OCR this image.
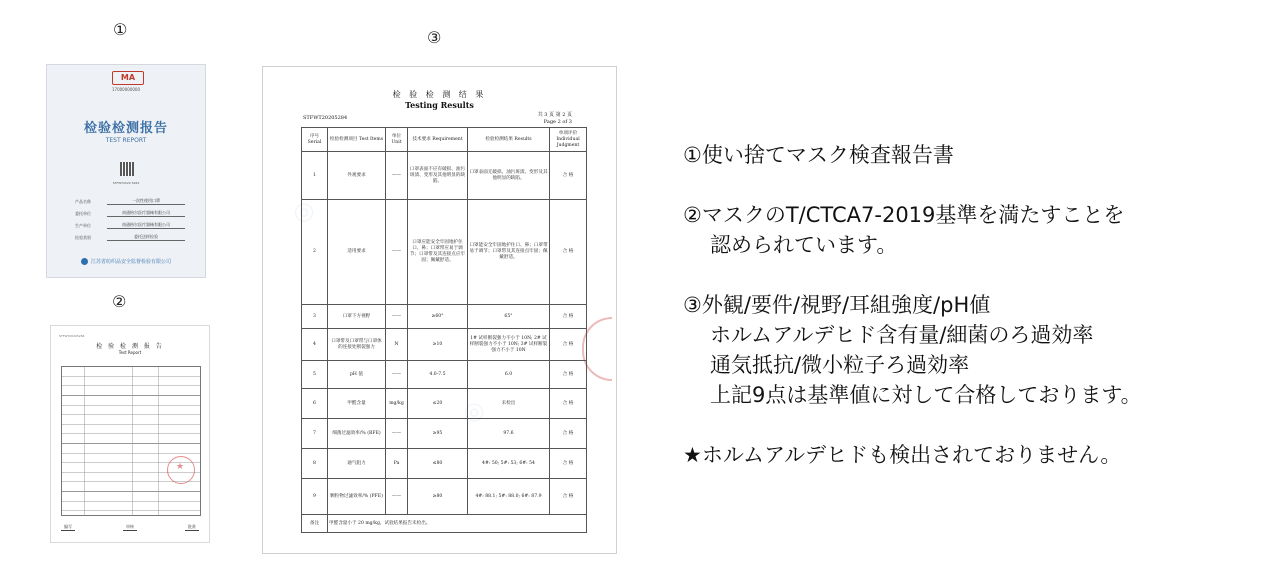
①
②
③
MA
17000000000
检验检测报告
TEST REPORT
STFWT2020 5284
产品名称	一次性使用口罩
委托单位	南通格尔医疗器械有限公司
生产单位	南通格尔医疗器械有限公司
检验类别	委托送样检验
江苏省纺织品安全监督检验有限公司
STFWT20205284
检 验 检 测 报 告
Test Report
★
编写	审核	批准
◎
◎
检 验 检 测 结 果
Testing Results
STFWT20205284	共 3 页 第 2 页
Page 2 of 3
序号 Serial	检验检测项目 Test Items	单位 Unit	技术要求 Requirement	检验检测结果 Results	单项评价 Individual Judgment
1	外观要求	——	口罩表面不应有破损、油污斑渍、变形及其他明显的缺陷。	口罩表面无破损、油污斑渍、变形及其他明显的缺陷。	合 格
2	适用要求	——	口罩应能安全牢固地护住口、鼻；口罩带应易于调节；口罩带及其连接点应牢固；佩戴舒适。	口罩能安全牢固地护住口、鼻；口罩带易于调节；口罩带及其连接点牢固；佩戴舒适。	合 格
3	口罩下方视野	——	≥60°	65°	合 格
4	口罩带及口罩带与口罩体的连接处断裂强力	N	≥10	1# 试样断裂强力不小于 10N; 2# 试样断裂强力不小于 10N; 3# 试样断裂强力不小于 10N	合 格
5	pH 值	——	4.0-7.5	6.0	合 格
6	甲醛含量	mg/kg	≤20	未检出	合 格
7	细菌过滤效率/% (BFE)	——	≥95	97.6	合 格
8	通气阻力	Pa	≤80	4#: 50; 5#: 53; 6#: 54	合 格
9	颗粒物过滤效率/% (PFE)	——	≥80	4#: 88.1; 5#: 88.0; 6#: 87.9	合 格
备注	甲醛含量小于 20 mg/kg，试验结果报告未检出。				

①使い捨てマスク検査報告書

②マスクのT/CTCA7-2019基準を満たすことを

認められています。

③外観/要件/視野/耳組強度/pH値

ホルムアルデヒド含有量/細菌のろ過効率

通気抵抗/微小粒子ろ過効率

上記9点は基準値に対して合格しております。

★ホルムアルデヒドも検出されておりません。
